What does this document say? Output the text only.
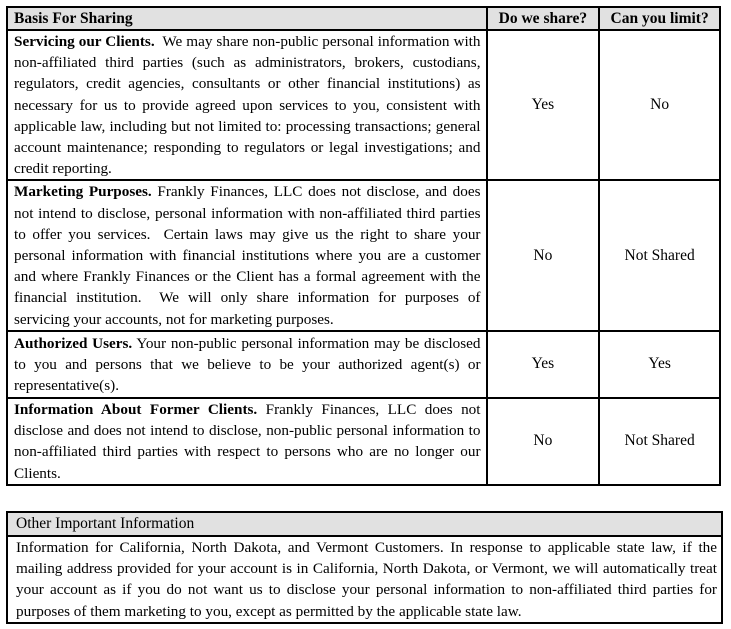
Basis For Sharing	Do we share?	Can you limit?
Servicing our Clients.  We may share non-public personal information with non-affiliated third parties (such as administrators, brokers, custodians, regulators, credit agencies, consultants or other financial institutions) as necessary for us to provide agreed upon services to you, consistent with applicable law, including but not limited to: processing transactions; general account maintenance; responding to regulators or legal investigations; and credit reporting.	Yes	No
Marketing Purposes. Frankly Finances, LLC does not disclose, and does not intend to disclose, personal information with non-affiliated third parties to offer you services.  Certain laws may give us the right to share your personal information with financial institutions where you are a customer and where Frankly Finances or the Client has a formal agreement with the financial institution.  We will only share information for purposes of servicing your accounts, not for marketing purposes.	No	Not Shared
Authorized Users. Your non-public personal information may be disclosed to you and persons that we believe to be your authorized agent(s) or representative(s).	Yes	Yes
Information About Former Clients. Frankly Finances, LLC does not disclose and does not intend to disclose, non-public personal information to non-affiliated third parties with respect to persons who are no longer our Clients.	No	Not Shared
Other Important Information
Information for California, North Dakota, and Vermont Customers. In response to applicable state law, if the mailing address provided for your account is in California, North Dakota, or Vermont, we will automatically treat your account as if you do not want us to disclose your personal information to non-affiliated third parties for purposes of them marketing to you, except as permitted by the applicable state law.
